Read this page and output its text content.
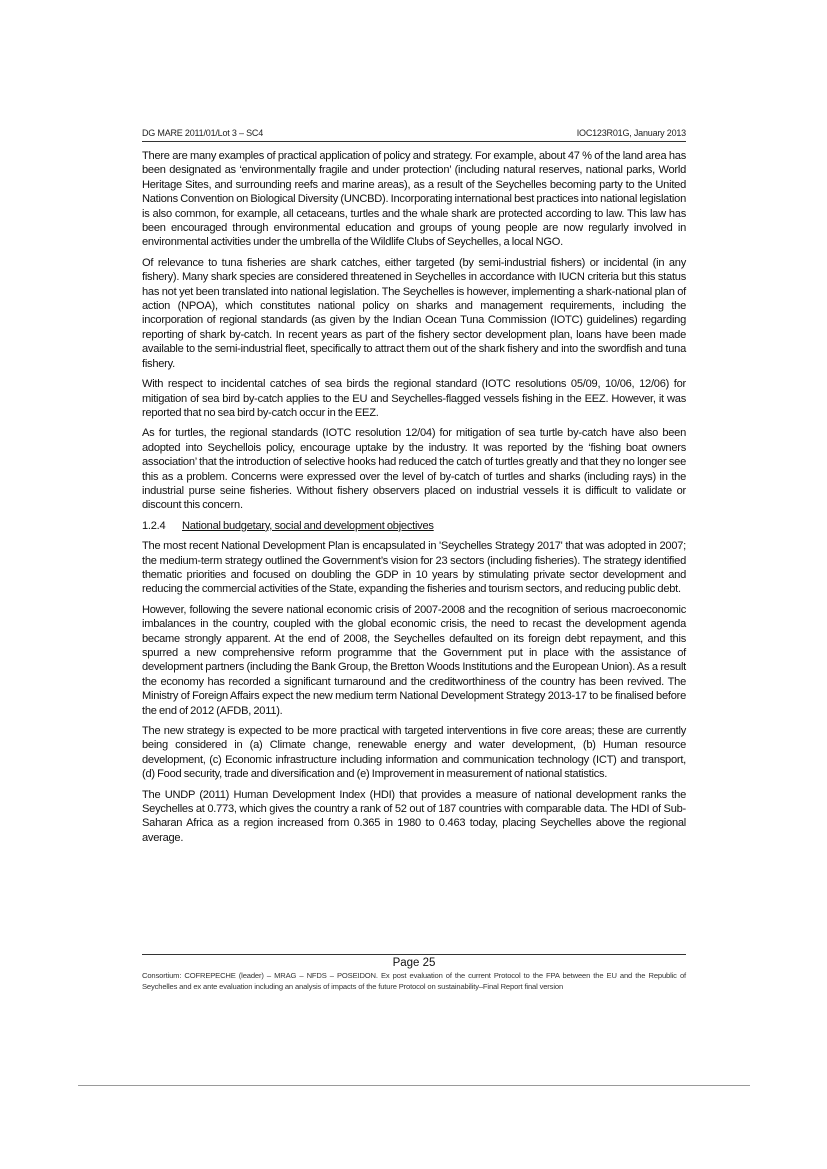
DG MARE 2011/01/Lot 3 – SC4	IOC123R01G, January 2013

There are many examples of practical application of policy and strategy. For example, about 47 % of the land area has been designated as ‘environmentally fragile and under protection’ (including natural reserves, national parks, World Heritage Sites, and surrounding reefs and marine areas), as a result of the Seychelles becoming party to the United Nations Convention on Biological Diversity (UNCBD). Incorporating international best practices into national legislation is also common, for example, all cetaceans, turtles and the whale shark are protected according to law. This law has been encouraged through environmental education and groups of young people are now regularly involved in environmental activities under the umbrella of the Wildlife Clubs of Seychelles, a local NGO.

Of relevance to tuna fisheries are shark catches, either targeted (by semi-industrial fishers) or incidental (in any fishery). Many shark species are considered threatened in Seychelles in accordance with IUCN criteria but this status has not yet been translated into national legislation. The Seychelles is however, implementing a shark-national plan of action (NPOA), which constitutes national policy on sharks and management requirements, including the incorporation of regional standards (as given by the Indian Ocean Tuna Commission (IOTC) guidelines) regarding reporting of shark by-catch. In recent years as part of the fishery sector development plan, loans have been made available to the semi-industrial fleet, specifically to attract them out of the shark fishery and into the swordfish and tuna fishery.

With respect to incidental catches of sea birds the regional standard (IOTC resolutions 05/09, 10/06, 12/06) for mitigation of sea bird by-catch applies to the EU and Seychelles-flagged vessels fishing in the EEZ. However, it was reported that no sea bird by-catch occur in the EEZ.

As for turtles, the regional standards (IOTC resolution 12/04) for mitigation of sea turtle by-catch have also been adopted into Seychellois policy, encourage uptake by the industry. It was reported by the ‘fishing boat owners association’ that the introduction of selective hooks had reduced the catch of turtles greatly and that they no longer see this as a problem. Concerns were expressed over the level of by-catch of turtles and sharks (including rays) in the industrial purse seine fisheries. Without fishery observers placed on industrial vessels it is difficult to validate or discount this concern.

1.2.4	National budgetary, social and development objectives

The most recent National Development Plan is encapsulated in 'Seychelles Strategy 2017' that was adopted in 2007; the medium-term strategy outlined the Government’s vision for 23 sectors (including fisheries). The strategy identified thematic priorities and focused on doubling the GDP in 10 years by stimulating private sector development and reducing the commercial activities of the State, expanding the fisheries and tourism sectors, and reducing public debt.

However, following the severe national economic crisis of 2007-2008 and the recognition of serious macroeconomic imbalances in the country, coupled with the global economic crisis, the need to recast the development agenda became strongly apparent. At the end of 2008, the Seychelles defaulted on its foreign debt repayment, and this spurred a new comprehensive reform programme that the Government put in place with the assistance of development partners (including the Bank Group, the Bretton Woods Institutions and the European Union). As a result the economy has recorded a significant turnaround and the creditworthiness of the country has been revived. The Ministry of Foreign Affairs expect the new medium term National Development Strategy 2013-17 to be finalised before the end of 2012 (AFDB, 2011).

The new strategy is expected to be more practical with targeted interventions in five core areas; these are currently being considered in (a) Climate change, renewable energy and water development, (b) Human resource development, (c) Economic infrastructure including information and communication technology (ICT) and transport, (d) Food security, trade and diversification and (e) Improvement in measurement of national statistics.

The UNDP (2011) Human Development Index (HDI) that provides a measure of national development ranks the Seychelles at 0.773, which gives the country a rank of 52 out of 187 countries with comparable data. The HDI of Sub-Saharan Africa as a region increased from 0.365 in 1980 to 0.463 today, placing Seychelles above the regional average.

Page 25
Consortium: COFREPECHE (leader) – MRAG – NFDS – POSEIDON. Ex post evaluation of the current Protocol to the FPA between the EU and the Republic of Seychelles and ex ante evaluation including an analysis of impacts of the future Protocol on sustainability–Final Report final version
